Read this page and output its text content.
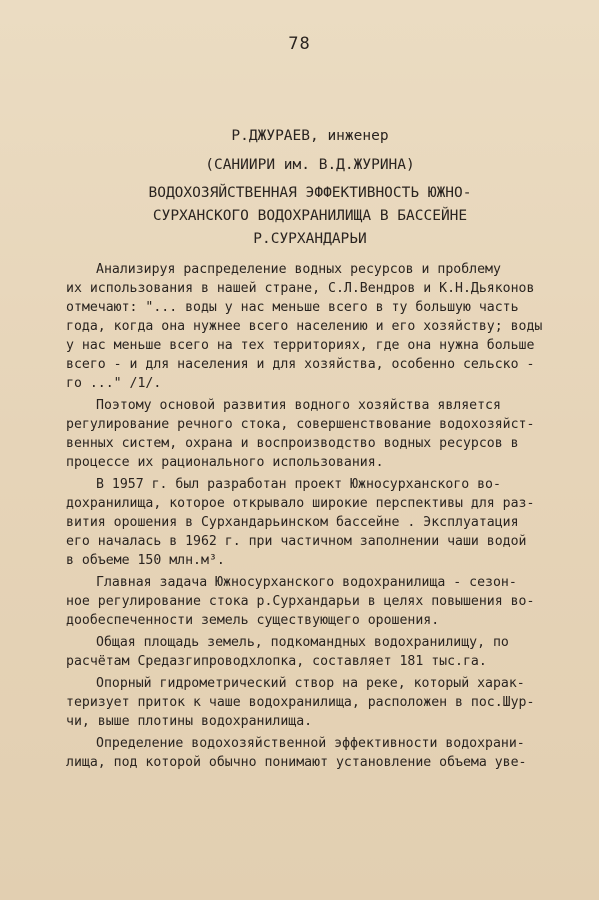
78
Р.ДЖУРАЕВ, инженер
(САНИИРИ им. В.Д.ЖУРИНА)
ВОДОХОЗЯЙСТВЕННАЯ ЭФФЕКТИВНОСТЬ ЮЖНО-
СУРХАНСКОГО ВОДОХРАНИЛИЩА В БАССЕЙНЕ
Р.СУРХАНДАРЬИ
Анализируя распределение водных ресурсов и проблему
их использования в нашей стране, С.Л.Вендров и К.Н.Дьяконов
отмечают: "... воды у нас меньше всего в ту большую часть
года, когда она нужнее всего населению и его хозяйству; воды
у нас меньше всего на тех территориях, где она нужна больше
всего - и для населения и для хозяйства, особенно сельско -
го ..." /1/.
Поэтому основой развития водного хозяйства является
регулирование речного стока, совершенствование водохозяйст-
венных систем, охрана и воспроизводство водных ресурсов в
процессе их рационального использования.
В 1957 г. был разработан проект Южносурханского во-
дохранилища, которое открывало широкие перспективы для раз-
вития орошения в Сурхандарьинском бассейне . Эксплуатация
его началась в 1962 г. при частичном заполнении чаши водой
в объеме 150 млн.м³.
Главная задача Южносурханского водохранилища - сезон-
ное регулирование стока р.Сурхандарьи в целях повышения во-
дообеспеченности земель существующего орошения.
Общая площадь земель, подкомандных водохранилищу, по
расчётам Средазгипроводхлопка, составляет 181 тыс.га.
Опорный гидрометрический створ на реке, который харак-
теризует приток к чаше водохранилища, расположен в пос.Шур-
чи, выше плотины водохранилища.
Определение водохозяйственной эффективности водохрани-
лища, под которой обычно понимают установление объема уве-
